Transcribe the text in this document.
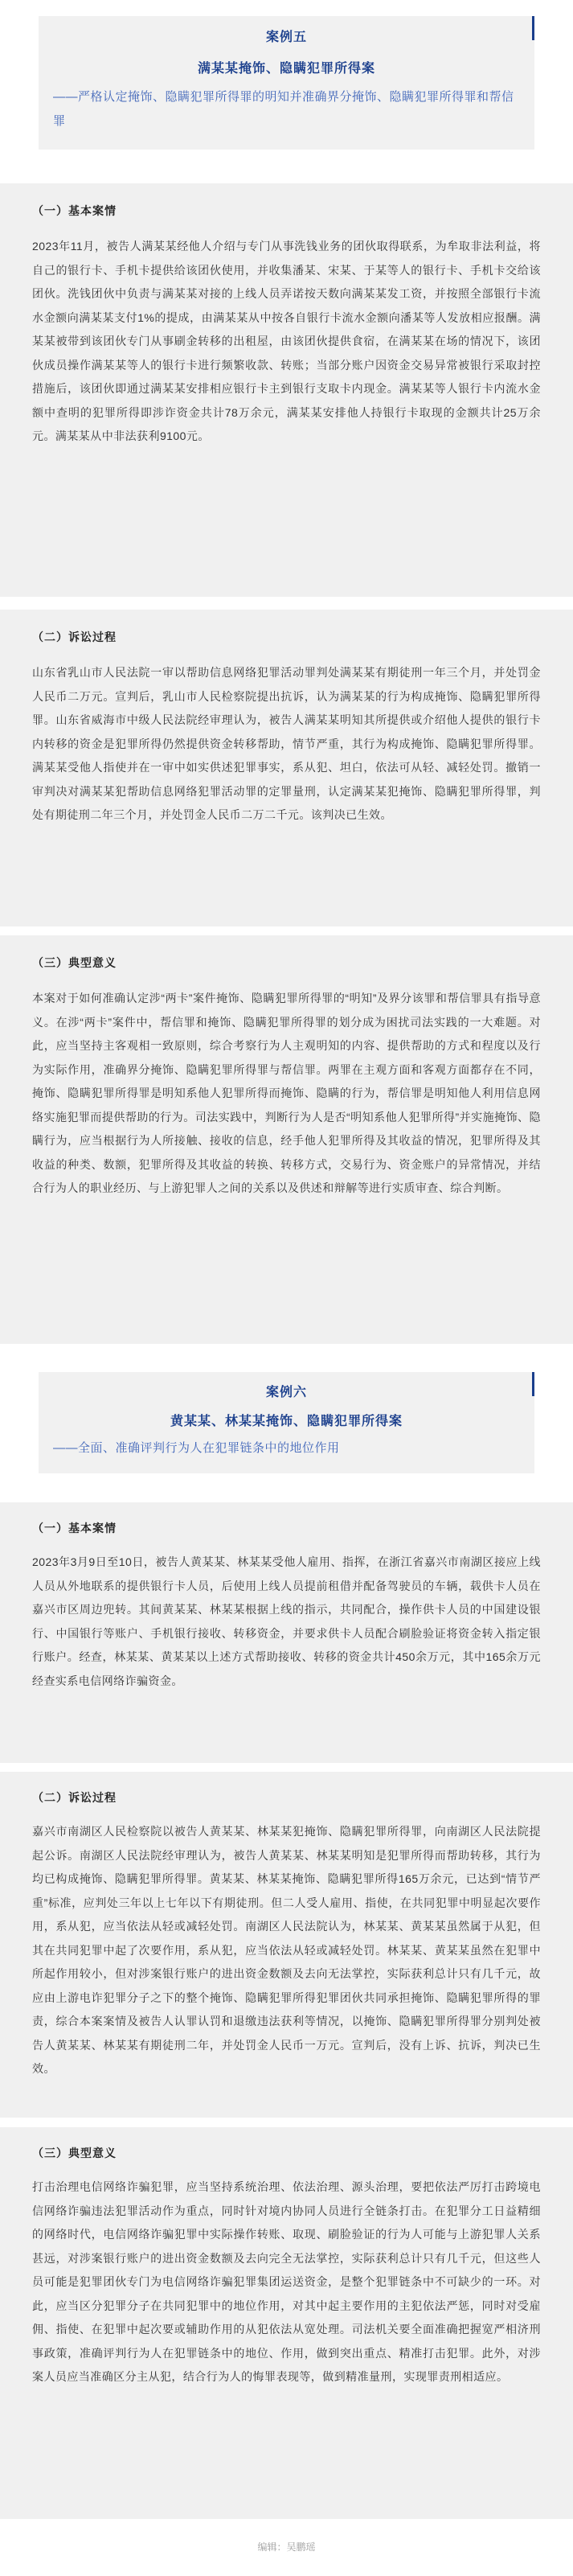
案例五
满某某掩饰、隐瞒犯罪所得案
——严格认定掩饰、隐瞒犯罪所得罪的明知并准确界分掩饰、隐瞒犯罪所得罪和帮信罪
（一）基本案情

2023年11月，被告人满某某经他人介绍与专门从事洗钱业务的团伙取得联系，为牟取非法利益，将自己的银行卡、手机卡提供给该团伙使用，并收集潘某、宋某、于某等人的银行卡、手机卡交给该团伙。洗钱团伙中负责与满某某对接的上线人员弄诺按天数向满某某发工资，并按照全部银行卡流水金额向满某某支付1%的提成，由满某某从中按各自银行卡流水金额向潘某等人发放相应报酬。满某某被带到该团伙专门从事刷金转移的出租屋，由该团伙提供食宿，在满某某在场的情况下，该团伙成员操作满某某等人的银行卡进行频繁收款、转账；当部分账户因资金交易异常被银行采取封控措施后，该团伙即通过满某某安排相应银行卡主到银行支取卡内现金。满某某等人银行卡内流水金额中查明的犯罪所得即涉诈资金共计78万余元，满某某安排他人持银行卡取现的金额共计25万余元。满某某从中非法获利9100元。

（二）诉讼过程

山东省乳山市人民法院一审以帮助信息网络犯罪活动罪判处满某某有期徒刑一年三个月，并处罚金人民币二万元。宣判后，乳山市人民检察院提出抗诉，认为满某某的行为构成掩饰、隐瞒犯罪所得罪。山东省威海市中级人民法院经审理认为，被告人满某某明知其所提供或介绍他人提供的银行卡内转移的资金是犯罪所得仍然提供资金转移帮助，情节严重，其行为构成掩饰、隐瞒犯罪所得罪。满某某受他人指使并在一审中如实供述犯罪事实，系从犯、坦白，依法可从轻、减轻处罚。撤销一审判决对满某某犯帮助信息网络犯罪活动罪的定罪量刑，认定满某某犯掩饰、隐瞒犯罪所得罪，判处有期徒刑二年三个月，并处罚金人民币二万二千元。该判决已生效。

（三）典型意义

本案对于如何准确认定涉“两卡”案件掩饰、隐瞒犯罪所得罪的“明知”及界分该罪和帮信罪具有指导意义。在涉“两卡”案件中，帮信罪和掩饰、隐瞒犯罪所得罪的划分成为困扰司法实践的一大难题。对此，应当坚持主客观相一致原则，综合考察行为人主观明知的内容、提供帮助的方式和程度以及行为实际作用，准确界分掩饰、隐瞒犯罪所得罪与帮信罪。两罪在主观方面和客观方面都存在不同，掩饰、隐瞒犯罪所得罪是明知系他人犯罪所得而掩饰、隐瞒的行为，帮信罪是明知他人利用信息网络实施犯罪而提供帮助的行为。司法实践中，判断行为人是否“明知系他人犯罪所得”并实施掩饰、隐瞒行为，应当根据行为人所接触、接收的信息，经手他人犯罪所得及其收益的情况，犯罪所得及其收益的种类、数额，犯罪所得及其收益的转换、转移方式，交易行为、资金账户的异常情况，并结合行为人的职业经历、与上游犯罪人之间的关系以及供述和辩解等进行实质审查、综合判断。

案例六
黄某某、林某某掩饰、隐瞒犯罪所得案
——全面、准确评判行为人在犯罪链条中的地位作用
（一）基本案情

2023年3月9日至10日，被告人黄某某、林某某受他人雇用、指挥，在浙江省嘉兴市南湖区接应上线人员从外地联系的提供银行卡人员，后使用上线人员提前租借并配备驾驶员的车辆，载供卡人员在嘉兴市区周边兜转。其间黄某某、林某某根据上线的指示，共同配合，操作供卡人员的中国建设银行、中国银行等账户、手机银行接收、转移资金，并要求供卡人员配合刷脸验证将资金转入指定银行账户。经查，林某某、黄某某以上述方式帮助接收、转移的资金共计450余万元，其中165余万元经查实系电信网络诈骗资金。

（二）诉讼过程

嘉兴市南湖区人民检察院以被告人黄某某、林某某犯掩饰、隐瞒犯罪所得罪，向南湖区人民法院提起公诉。南湖区人民法院经审理认为，被告人黄某某、林某某明知是犯罪所得而帮助转移，其行为均已构成掩饰、隐瞒犯罪所得罪。黄某某、林某某掩饰、隐瞒犯罪所得165万余元，已达到“情节严重”标准，应判处三年以上七年以下有期徒刑。但二人受人雇用、指使，在共同犯罪中明显起次要作用，系从犯，应当依法从轻或减轻处罚。南湖区人民法院认为，林某某、黄某某虽然属于从犯，但其在共同犯罪中起了次要作用，系从犯，应当依法从轻或减轻处罚。林某某、黄某某虽然在犯罪中所起作用较小，但对涉案银行账户的进出资金数额及去向无法掌控，实际获利总计只有几千元，故应由上游电诈犯罪分子之下的整个掩饰、隐瞒犯罪所得犯罪团伙共同承担掩饰、隐瞒犯罪所得的罪责，综合本案案情及被告人认罪认罚和退缴违法获利等情况，以掩饰、隐瞒犯罪所得罪分别判处被告人黄某某、林某某有期徒刑二年，并处罚金人民币一万元。宣判后，没有上诉、抗诉，判决已生效。

（三）典型意义

打击治理电信网络诈骗犯罪，应当坚持系统治理、依法治理、源头治理，要把依法严厉打击跨境电信网络诈骗违法犯罪活动作为重点，同时针对境内协同人员进行全链条打击。在犯罪分工日益精细的网络时代，电信网络诈骗犯罪中实际操作转账、取现、刷脸验证的行为人可能与上游犯罪人关系甚远，对涉案银行账户的进出资金数额及去向完全无法掌控，实际获利总计只有几千元，但这些人员可能是犯罪团伙专门为电信网络诈骗犯罪集团运送资金，是整个犯罪链条中不可缺少的一环。对此，应当区分犯罪分子在共同犯罪中的地位作用，对其中起主要作用的主犯依法严惩，同时对受雇佣、指使、在犯罪中起次要或辅助作用的从犯依法从宽处理。司法机关要全面准确把握宽严相济刑事政策，准确评判行为人在犯罪链条中的地位、作用，做到突出重点、精准打击犯罪。此外，对涉案人员应当准确区分主从犯，结合行为人的悔罪表现等，做到精准量刑，实现罪责刑相适应。

编辑：吴鹏瑶
